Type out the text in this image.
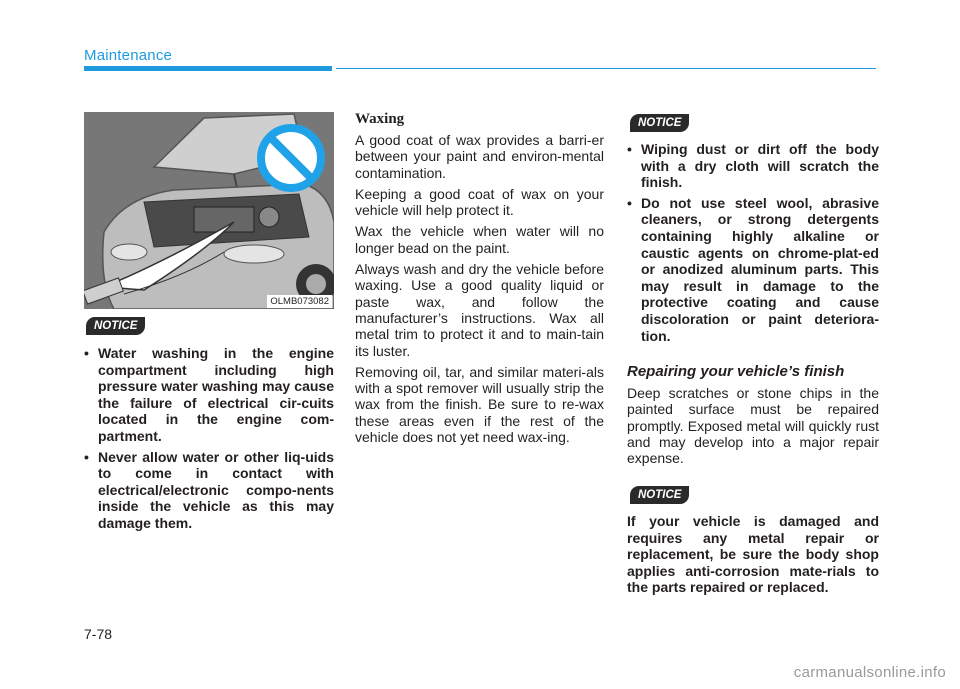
Maintenance
OLMB073082
NOTICE
• Water washing in the engine compartment including high pressure water washing may cause the failure of electrical cir-cuits located in the engine com-partment.
• Never allow water or other liq-uids to come in contact with electrical/electronic compo-nents inside the vehicle as this may damage them.
Waxing

A good coat of wax provides a barri-er between your paint and environ-mental contamination.

Keeping a good coat of wax on your vehicle will help protect it.

Wax the vehicle when water will no longer bead on the paint.

Always wash and dry the vehicle before waxing. Use a good quality liquid or paste wax, and follow the manufacturer’s instructions. Wax all metal trim to protect it and to main-tain its luster.

Removing oil, tar, and similar materi-als with a spot remover will usually strip the wax from the finish. Be sure to re-wax these areas even if the rest of the vehicle does not yet need wax-ing.

NOTICE
• Wiping dust or dirt off the body with a dry cloth will scratch the finish.
• Do not use steel wool, abrasive cleaners, or strong detergents containing highly alkaline or caustic agents on chrome-plat-ed or anodized aluminum parts. This may result in damage to the protective coating and cause discoloration or paint deteriora-tion.
Repairing your vehicle’s finish

Deep scratches or stone chips in the painted surface must be repaired promptly. Exposed metal will quickly rust and may develop into a major repair expense.

NOTICE

If your vehicle is damaged and requires any metal repair or replacement, be sure the body shop applies anti-corrosion mate-rials to the parts repaired or replaced.

7-78
carmanualsonline.info
